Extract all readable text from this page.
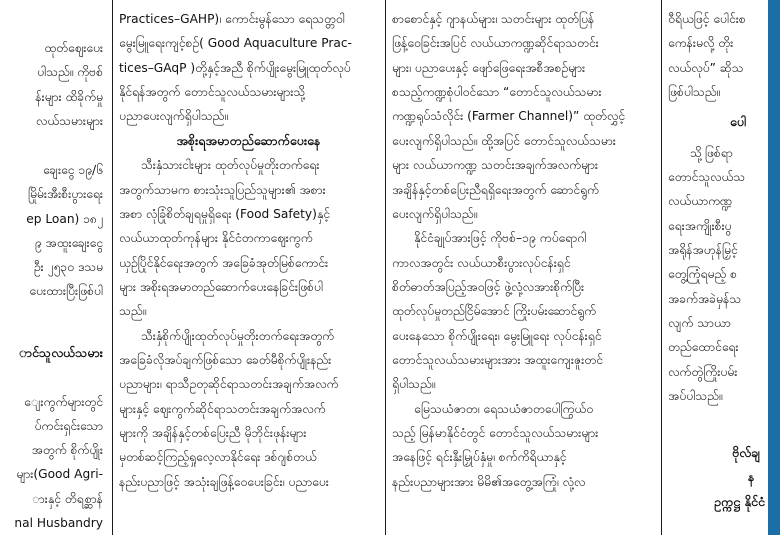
ထုတ်ဈေးပေး
ပါသည်။ ကိုဗစ်
န်းများ ထိခိုက်မှု
လယ်သမားများ
ချေးငွေ ၁၉/၆
မြိုမ်းအီးစီးပွားရေး
ep Loan) ၁၈၂
၉ အထူးချေးငွေ
ဦး ၂၅၃၀ ဒသမ
ပေးထားပြီးဖြစ်ပါ
ာင်သူလယ်သမား
ျေးကွက်များတွင်
ပ်ကင်းရှင်းသော
အတွက် စိုက်ပျိုး
များ(Good Agri-
ားနှင့် တိရစ္ဆာန်
nal Husbandry
Practices–GAHP)၊ ကောင်းမွန်သော ရေသတ္တဝါ
မွေးမြူရေးကျင့်စဉ်( Good Aquaculture Prac-
tices–GAqP )တို့နှင့်အညီ စိုက်ပျိုးမွေးမြူထုတ်လုပ်
နိုင်ရန်အတွက် တောင်သူလယ်သမားများသို့
ပညာပေးလျက်ရှိပါသည်။
အစိုးရအမာတည်ဆောက်ပေးနေ
သီးနှံသားငါးများ ထုတ်လုပ်မှုတိုးတက်ရေး
အတွက်သာမက စားသုံးသူပြည်သူများ၏ အစား
အစာ လုံခြုံစိတ်ချရမှုရှိရေး (Food Safety)နှင့်
လယ်ယာထုတ်ကုန်များ နိုင်ငံတကာဈေးကွက်
ယှဉ်ပြိုင်နိုင်ရေးအတွက် အခြေခံအုတ်မြစ်ကောင်း
များ အစိုးရအမာတည်ဆောက်ပေးနေခြင်းဖြစ်ပါ
သည်။
သီးနှံစိုက်ပျိုးထုတ်လုပ်မှုတိုးတက်ရေးအတွက်
အခြေခံလိုအပ်ချက်ဖြစ်သော ခေတ်မီစိုက်ပျိုးနည်း
ပညာများ၊ ရာသီဥတုဆိုင်ရာသတင်းအချက်အလက်
များနှင့် ဈေးကွက်ဆိုင်ရာသတင်းအချက်အလက်
များကို အချိန်နှင့်တစ်ပြေးညီ မိုဘိုင်းဖုန်းများ
မှတစ်ဆင့်ကြည့်ရှုလေ့လာနိုင်ရေး ဒစ်ဂျစ်တယ်
နည်းပညာဖြင့် အသုံးချဖြန့်ဝေပေးခြင်း၊ ပညာပေး
စာစောင်နှင့် ဂျာနယ်များ၊ သတင်းများ ထုတ်ပြန်
ဖြန့်ဝေခြင်းအပြင် လယ်ယာကဏ္ဍဆိုင်ရာသတင်း
များ၊ ပညာပေးနှင့် ဖျော်ဖြေရေးအစီအစဉ်များ
စသည့်ကဏ္ဍစုံပါဝင်သော “တောင်သူလယ်သမား
ကဏ္ဍရုပ်သံလိုင်း (Farmer Channel)” ထုတ်လွှင့်
ပေးလျက်ရှိပါသည်။ ထို့အပြင် တောင်သူလယ်သမား
များ လယ်ယာကဏ္ဍ သတင်းအချက်အလက်များ
အချိန်နှင့်တစ်ပြေးညီရရှိရေးအတွက် ဆောင်ရွက်
ပေးလျက်ရှိပါသည်။
နိုင်ငံချုပ်အားဖြင့် ကိုဗစ်–၁၉ ကပ်ရောဂါ
ကာလအတွင်း လယ်ယာစီးပွားလုပ်ငန်းရှင်
စိတ်ဓာတ်အပြည့်အဝဖြင့် ဖွဲ့လုံ့လအားစိုက်ပြီး
ထုတ်လုပ်မှုတည်ငြိမ်အောင် ကြိုးပမ်းဆောင်ရွက်
ပေးနေသော စိုက်ပျိုးရေး၊ မွေးမြူရေး လုပ်ငန်းရှင်
တောင်သူလယ်သမားများအား အထူးကျေးဇူးတင်
ရှိပါသည်။
မြေသယံဇာတ၊ ရေသယံဇာတပေါကြွယ်ဝ
သည့် မြန်မာနိုင်ငံတွင် တောင်သူလယ်သမားများ
အနေဖြင့် ရင်းနှီးမြှုပ်နှံမှု၊ စက်ကိရိယာနှင့်
နည်းပညာများအား မိမိ၏အတွေ့အကြုံ၊ လုံ့လ
ဝီရိယဖြင့် ပေါင်းစ
ကေန်းမလို့ တိုး
လယ်လုပ်” ဆိုသ
ဖြစ်ပါသည်။
ပေါ
သို့ဖြစ်ရာ
တောင်သူလယ်သ
လယ်ယာကဏ္ဍ
ရေးအကျိုးစီးပွ
အရိုန်အဟုန်မြှင့်
တွေ့ကြုံရမည့် စ
အခက်အခဲမှန်သ
လျက် သာယာ
တည်ထောင်ရေး
လက်တွဲကြိုးပမ်း
အပ်ပါသည်။
ဗိုလ်ချ
န
ဥက္ကဋ္ဌ နိုင်ငံ
